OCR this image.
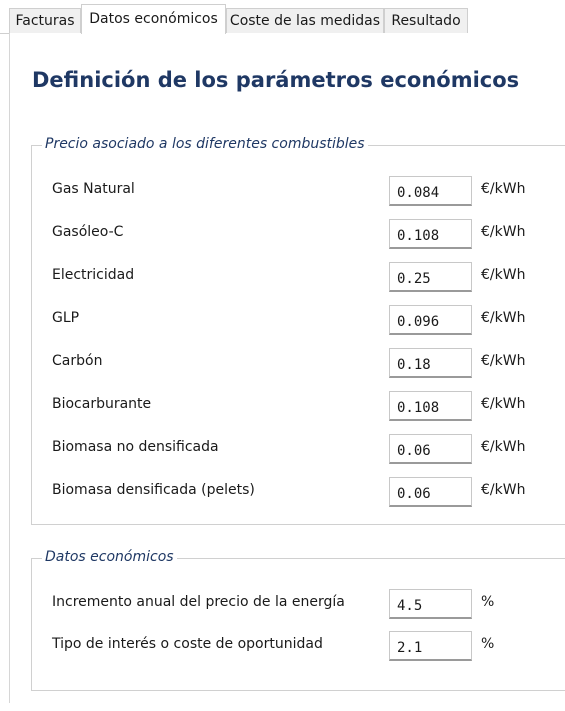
Facturas	Datos económicos Coste de las medidas Resultado
Definición de los parámetros económicos
Precio asociado a los diferentes combustibles
Gas Natural
0.084	€/kWh
Gasóleo-C
0.108	€/kWh
Electricidad
0.25	€/kWh
GLP
0.096	€/kWh
Carbón
0.18	€/kWh
Biocarburante
0.108	€/kWh
Biomasa no densificada
0.06	€/kWh
Biomasa densificada (pelets)
0.06	€/kWh
Datos económicos
Incremento anual del precio de la energía
4.5	%
Tipo de interés o coste de oportunidad
2.1	%
